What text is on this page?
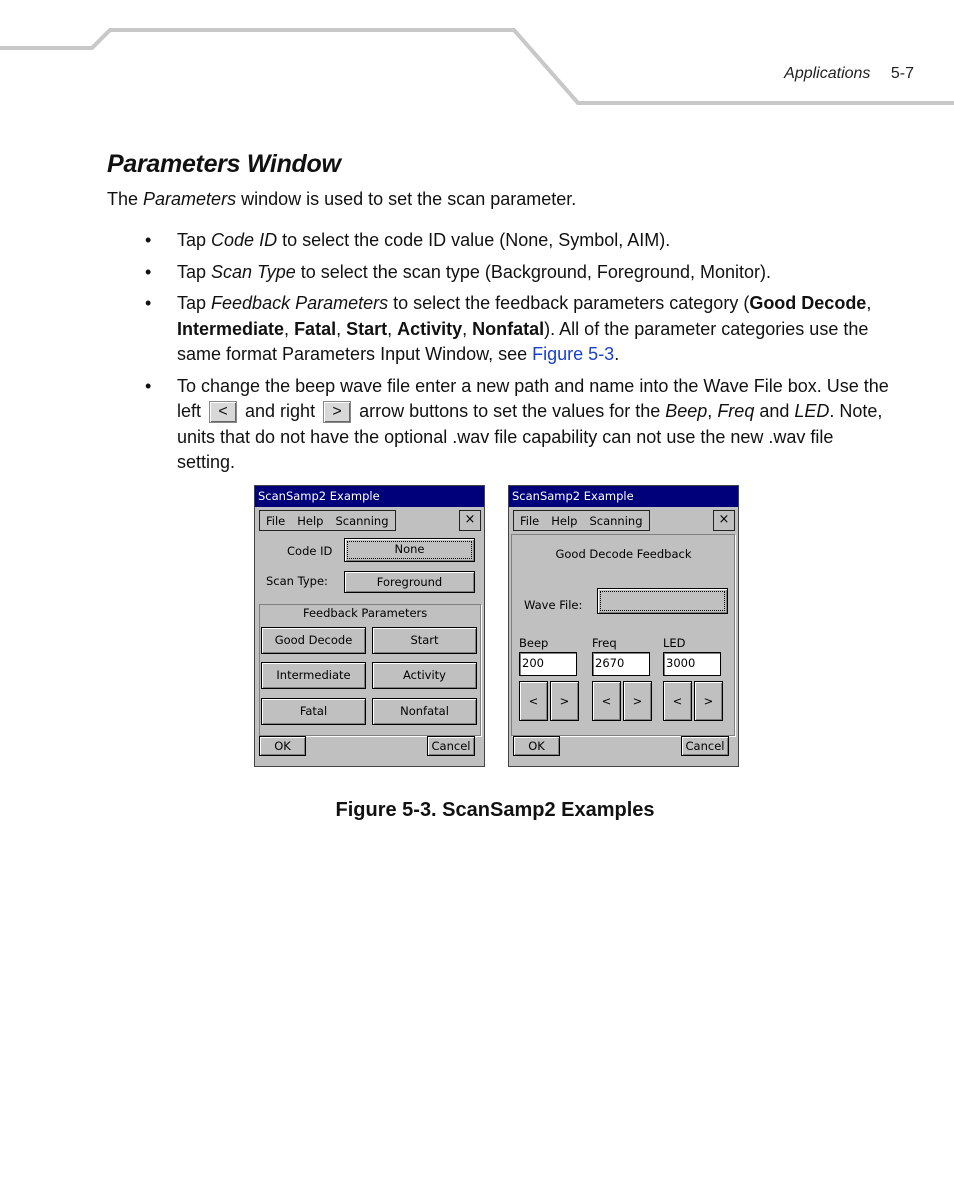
Applications 5-7
Parameters Window

The Parameters window is used to set the scan parameter.

• Tap Code ID to select the code ID value (None, Symbol, AIM).
• Tap Scan Type to select the scan type (Background, Foreground, Monitor).
• Tap Feedback Parameters to select the feedback parameters category (Good Decode, Intermediate, Fatal, Start, Activity, Nonfatal). All of the parameter categories use the same format Parameters Input Window, see Figure 5-3.
• To change the beep wave file enter a new path and name into the Wave File box. Use the left < and right > arrow buttons to set the values for the Beep, Freq and LED. Note, units that do not have the optional .wav file capability can not use the new .wav file setting.
ScanSamp2 Example
File	Help	Scanning	×
Code ID	None
Scan Type:	Foreground
Feedback Parameters
Good Decode	Start
Intermediate	Activity
Fatal	Nonfatal
OK	Cancel
ScanSamp2 Example
File	Help	Scanning	×
Good Decode Feedback
Wave File:
Beep	Freq	LED
200	2670	3000
<	>	<	>	<	>
OK	Cancel
Figure 5-3. ScanSamp2 Examples
